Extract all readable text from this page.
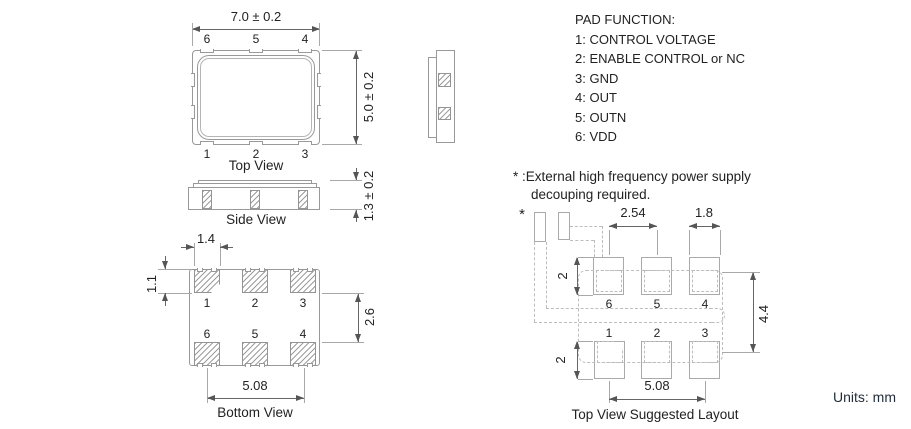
6	5	4
1	2	3
7.0 ± 0.2
5.0 ± 0.2
Top View
1.3 ± 0.2
Side View
1	2	3
6	5	4
1.4
1.1
2.6
5.08
Bottom View
PAD FUNCTION:
1: CONTROL VOLTAGE
2: ENABLE CONTROL or NC
3: GND
4: OUT
5: OUTN
6: VDD
* :External high frequency power supply
decouping required.
*
6	5	4
1	2	3
2.54	1.8
2
2
4.4
5.08
Top View Suggested Layout
Units: mm
